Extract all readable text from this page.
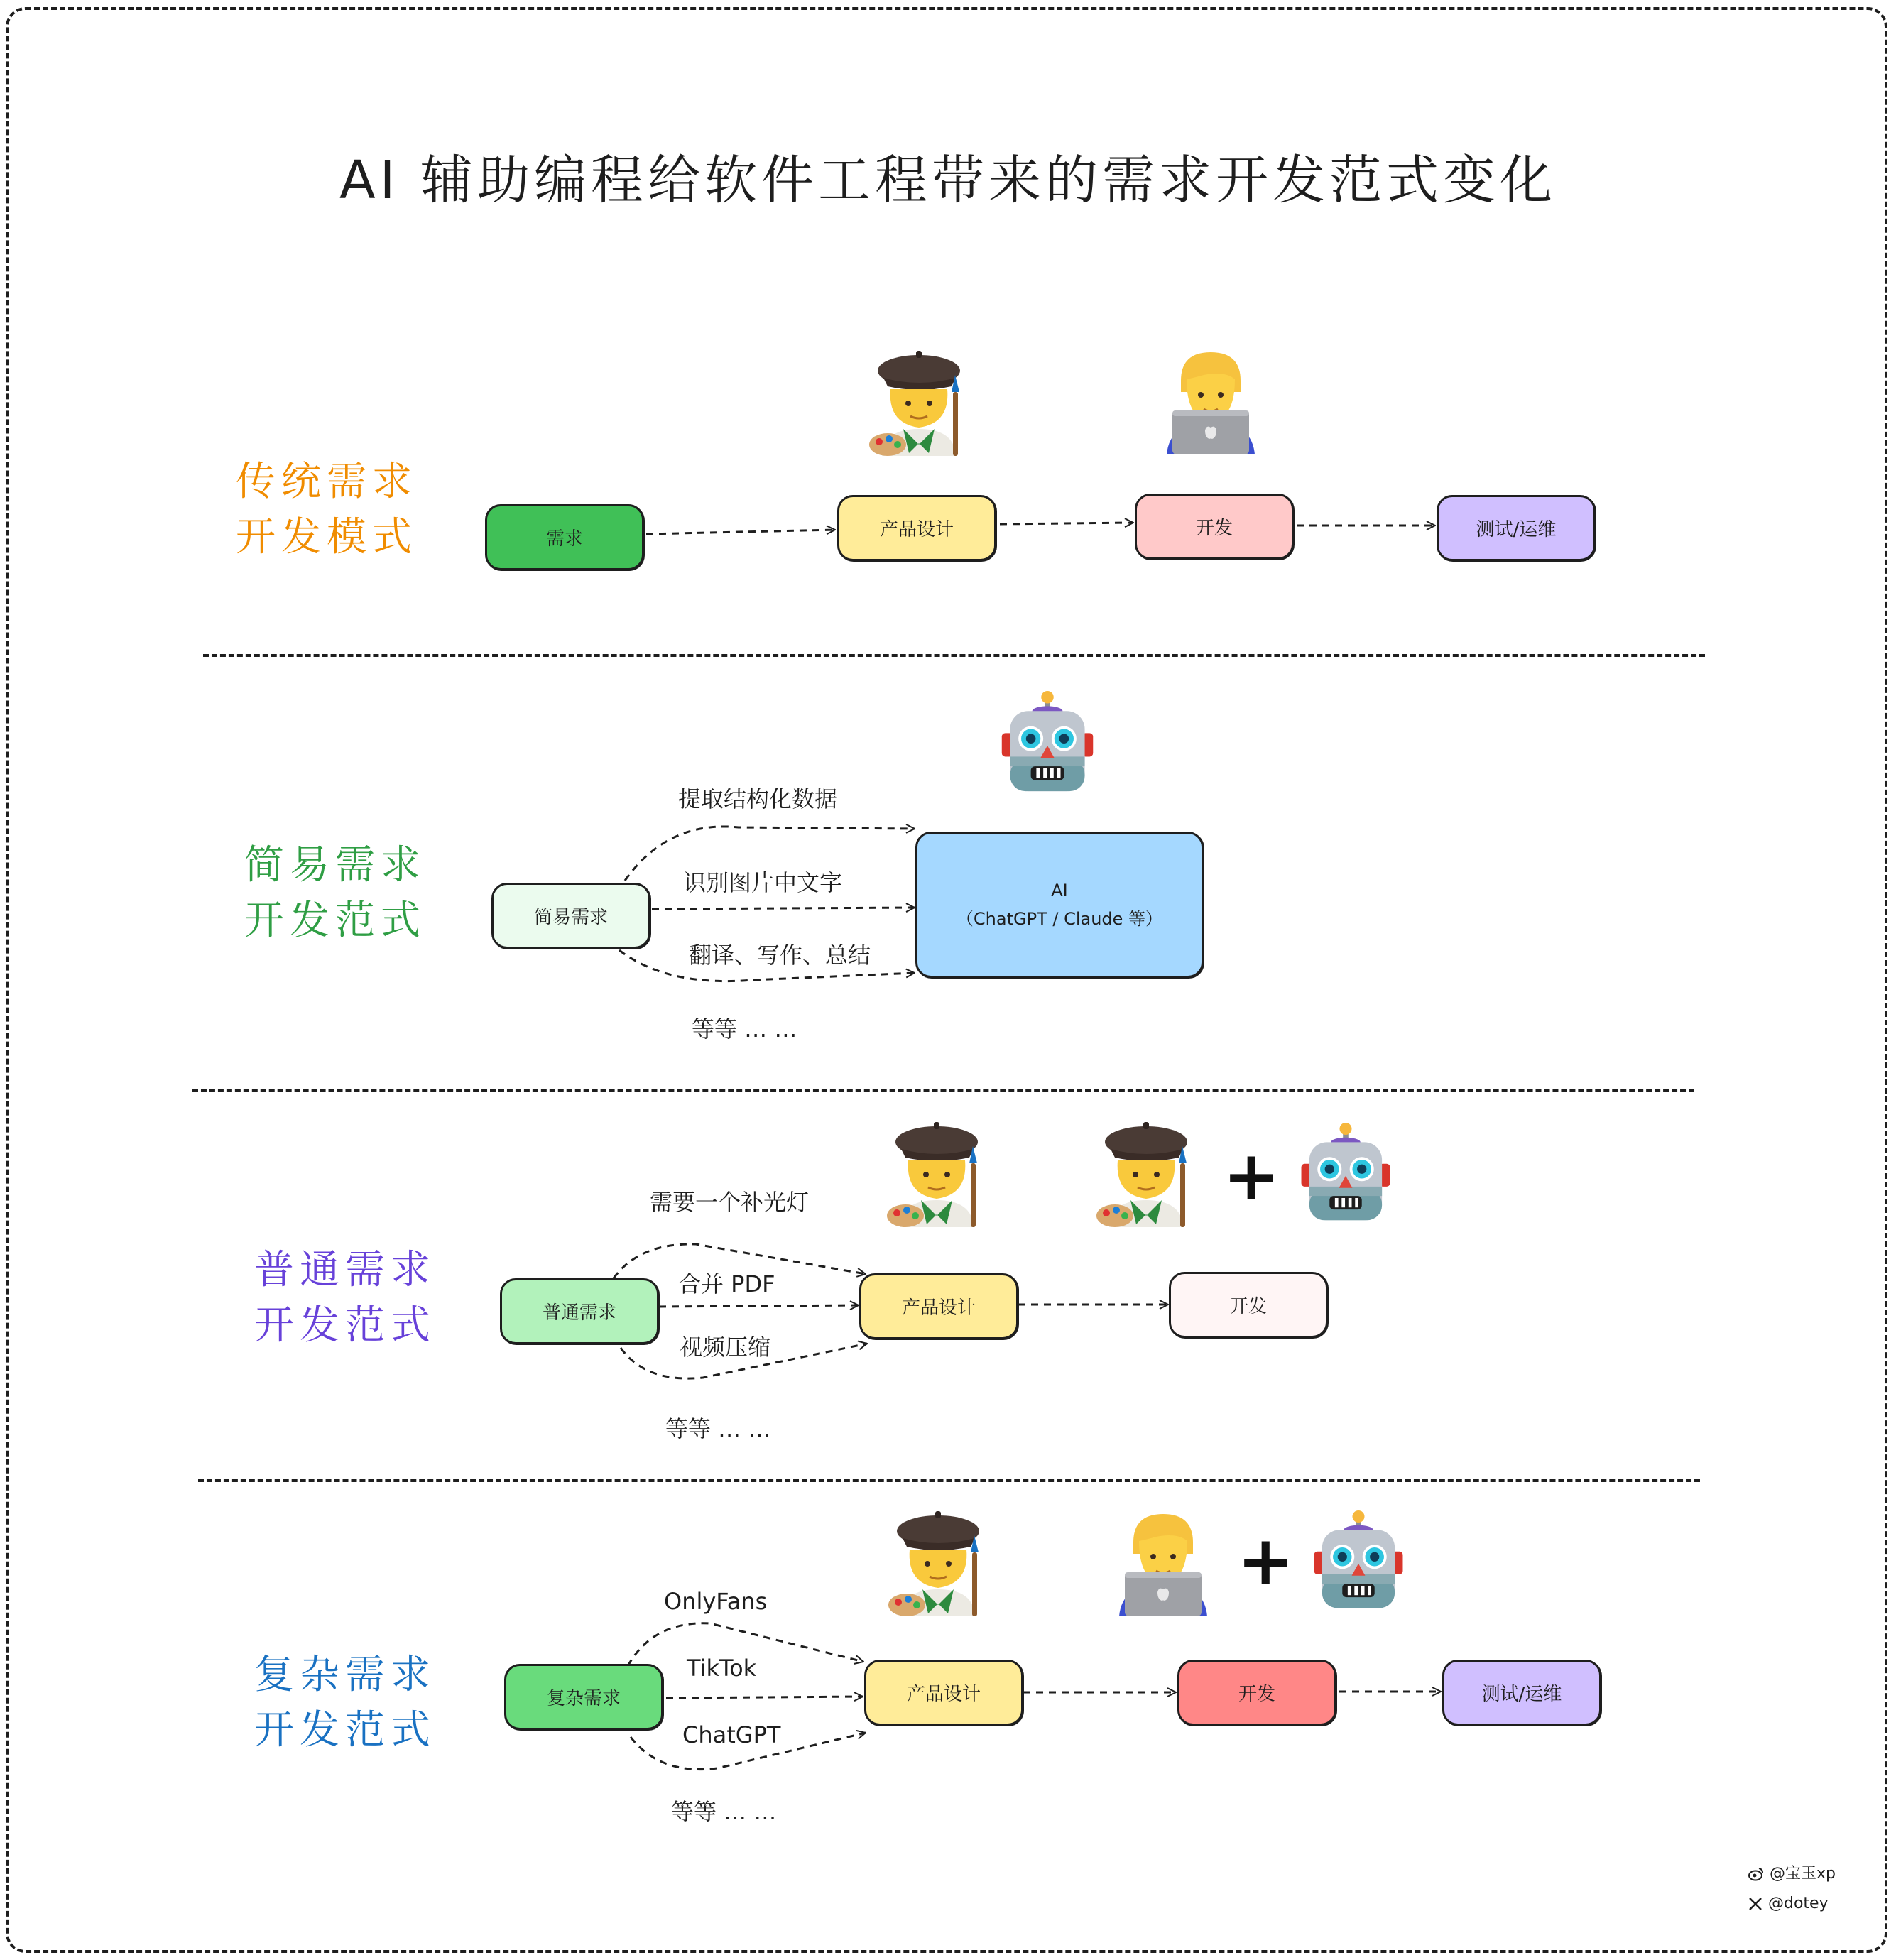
AI 辅助编程给软件工程带来的需求开发范式变化
传统需求
开发模式	需求	产品设计	开发	测试/运维
简易需求
开发范式	简易需求
AI
（ChatGPT / Claude 等）
提取结构化数据
识别图片中文字
翻译、写作、总结
等等 … …
普通需求
开发范式
+
需要一个补光灯
合并 PDF
视频压缩
等等 … …
普通需求	产品设计	开发
复杂需求
开发范式
+
OnlyFans
TikTok
ChatGPT
等等 … …
复杂需求	产品设计	开发	测试/运维
@宝玉xp
@dotey
